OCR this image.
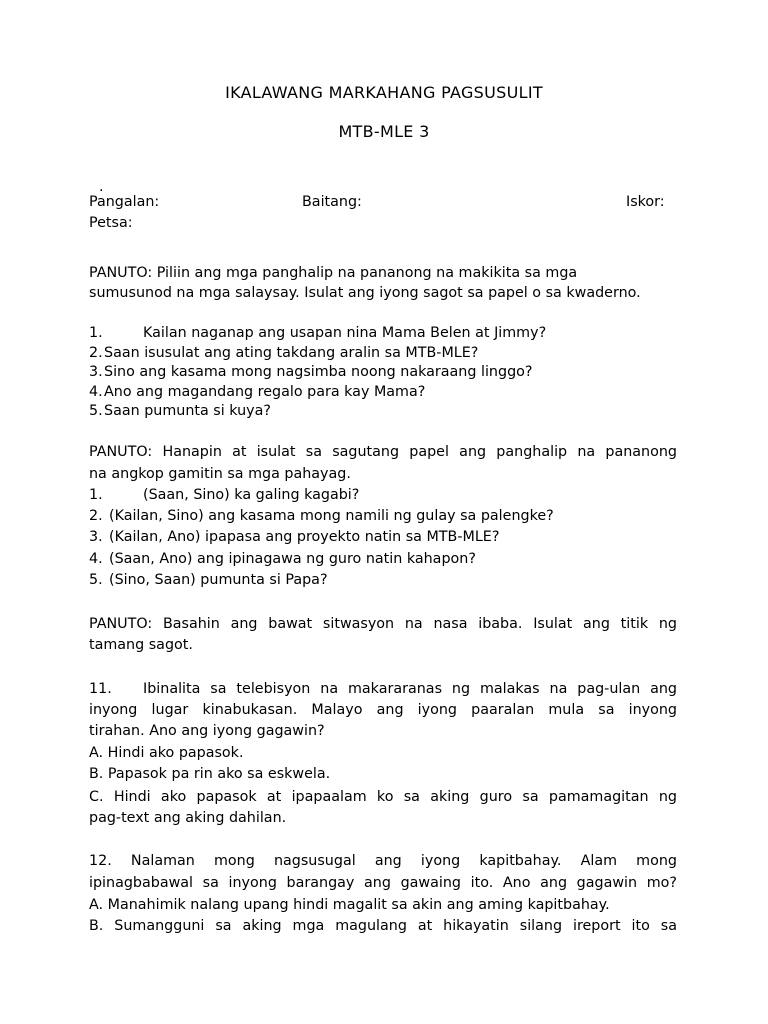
IKALAWANG MARKAHANG PAGSUSULIT
MTB-MLE 3
.
Pangalan:	Baitang:	Iskor:
Petsa:
PANUTO: Piliin ang mga panghalip na pananong na makikita sa mga
sumusunod na mga salaysay. Isulat ang iyong sagot sa papel o sa kwaderno.
1.	Kailan naganap ang usapan nina Mama Belen at Jimmy?
2.Saan isusulat ang ating takdang aralin sa MTB-MLE?
3.Sino ang kasama mong nagsimba noong nakaraang linggo?
4.Ano ang magandang regalo para kay Mama?
5.Saan pumunta si kuya?
PANUTO: Hanapin at isulat sa sagutang papel ang panghalip na pananong
na angkop gamitin sa mga pahayag.
1.	(Saan, Sino) ka galing kagabi?
2. (Kailan, Sino) ang kasama mong namili ng gulay sa palengke?
3. (Kailan, Ano) ipapasa ang proyekto natin sa MTB-MLE?
4. (Saan, Ano) ang ipinagawa ng guro natin kahapon?
5. (Sino, Saan) pumunta si Papa?
PANUTO: Basahin ang bawat sitwasyon na nasa ibaba. Isulat ang titik ng
tamang sagot.
11. Ibinalita sa telebisyon na makararanas ng malakas na pag-ulan ang
inyong lugar kinabukasan. Malayo ang iyong paaralan mula sa inyong
tirahan. Ano ang iyong gagawin?
A. Hindi ako papasok.
B. Papasok pa rin ako sa eskwela.
C. Hindi ako papasok at ipapaalam ko sa aking guro sa pamamagitan ng
pag-text ang aking dahilan.
12. Nalaman mong nagsusugal ang iyong kapitbahay. Alam mong
ipinagbabawal sa inyong barangay ang gawaing ito. Ano ang gagawin mo?
A. Manahimik nalang upang hindi magalit sa akin ang aming kapitbahay.
B. Sumangguni sa aking mga magulang at hikayatin silang ireport ito sa
